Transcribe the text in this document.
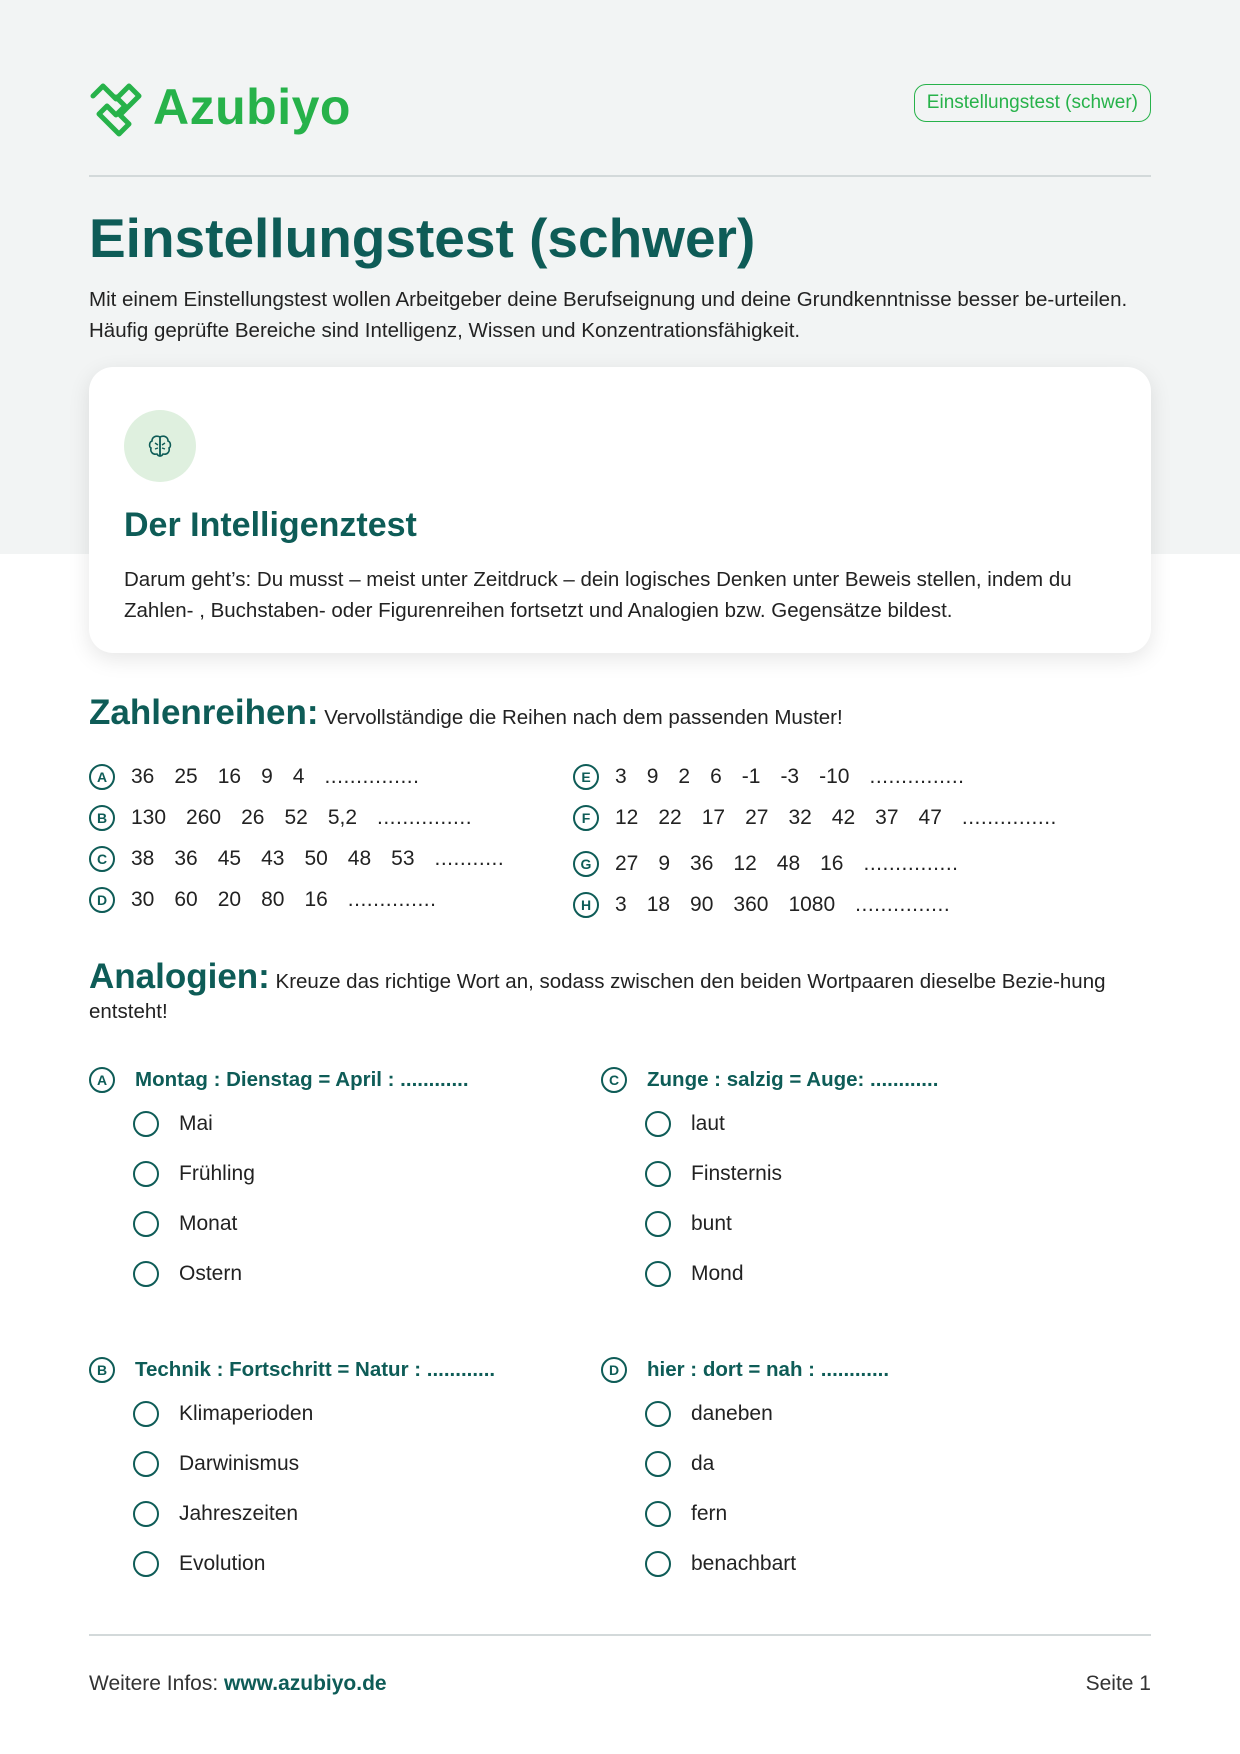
Azubiyo	Einstellungstest (schwer)
Einstellungstest (schwer)

Mit einem Einstellungstest wollen Arbeitgeber deine Berufseignung und deine Grundkenntnisse besser be-urteilen. Häufig geprüfte Bereiche sind Intelligenz, Wissen und Konzentrationsfähigkeit.

Der Intelligenztest

Darum geht’s: Du musst – meist unter Zeitdruck – dein logisches Denken unter Beweis stellen, indem du Zahlen- , Buchstaben- oder Figurenreihen fortsetzt und Analogien bzw. Gegensätze bildest.

Zahlenreihen: Vervollständige die Reihen nach dem passenden Muster!

A	36 25 16 9 4 ...............
B	130 260 26 52 5,2 ...............
C	38 36 45 43 50 48 53 ...........
D	30 60 20 80 16 ..............
E	3 9 2 6 -1 -3 -10 ...............
F	12 22 17 27 32 42 37 47 ...............
G	27 9 36 12 48 16 ...............
H	3 18 90 360 1080 ...............

Analogien: Kreuze das richtige Wort an, sodass zwischen den beiden Wortpaaren dieselbe Bezie-hung entsteht!

A	Montag : Dienstag = April : ............
Mai
Frühling
Monat
Ostern
B	Technik : Fortschritt = Natur : ............
Klimaperioden
Darwinismus
Jahreszeiten
Evolution
C	Zunge : salzig = Auge: ............
laut
Finsternis
bunt
Mond
D	hier : dort = nah : ............
daneben
da
fern
benachbart
Weitere Infos: www.azubiyo.de	Seite 1
